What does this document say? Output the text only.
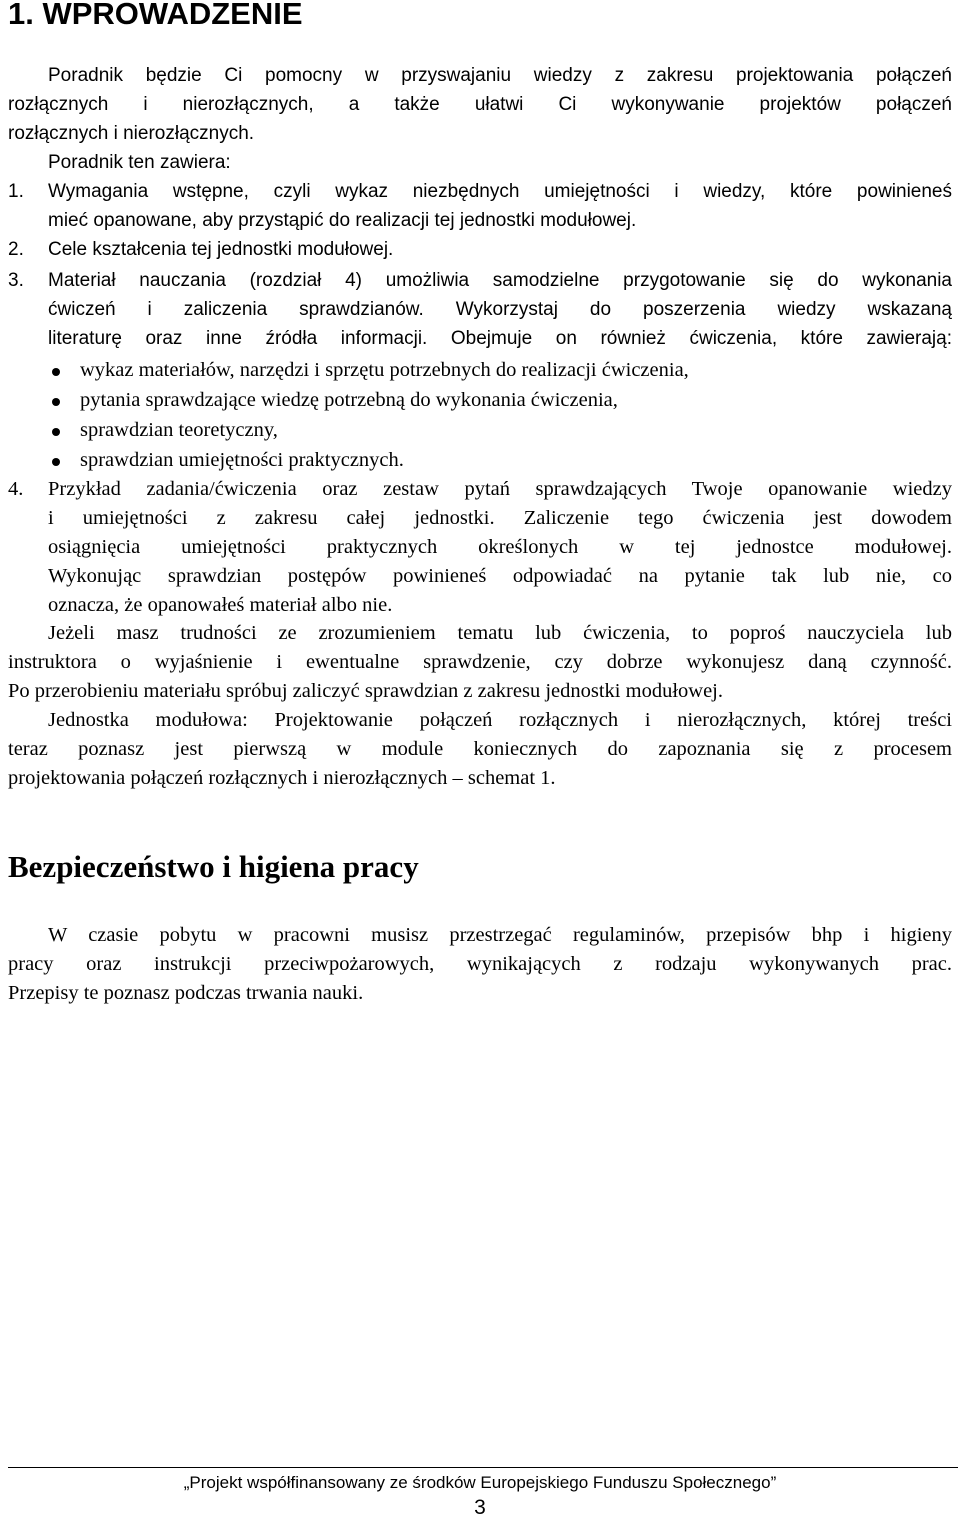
1. WPROWADZENIE

Poradnik będzie Ci pomocny w przyswajaniu wiedzy z zakresu projektowania połączeń

rozłącznych i nierozłącznych, a także ułatwi Ci wykonywanie projektów połączeń

rozłącznych i nierozłącznych.

Poradnik ten zawiera:

1. Wymagania wstępne, czyli wykaz niezbędnych umiejętności i wiedzy, które powinieneś

mieć opanowane, aby przystąpić do realizacji tej jednostki modułowej.

2. Cele kształcenia tej jednostki modułowej.

3. Materiał nauczania (rozdział 4) umożliwia samodzielne przygotowanie się do wykonania

ćwiczeń i zaliczenia sprawdzianów. Wykorzystaj do poszerzenia wiedzy wskazaną

literaturę oraz inne źródła informacji. Obejmuje on również ćwiczenia, które zawierają:

wykaz materiałów, narzędzi i sprzętu potrzebnych do realizacji ćwiczenia,

pytania sprawdzające wiedzę potrzebną do wykonania ćwiczenia,

sprawdzian teoretyczny,

sprawdzian umiejętności praktycznych.

4. Przykład zadania/ćwiczenia oraz zestaw pytań sprawdzających Twoje opanowanie wiedzy

i umiejętności z zakresu całej jednostki. Zaliczenie tego ćwiczenia jest dowodem

osiągnięcia umiejętności praktycznych określonych w tej jednostce modułowej.

Wykonując sprawdzian postępów powinieneś odpowiadać na pytanie tak lub nie, co

oznacza, że opanowałeś materiał albo nie.

Jeżeli masz trudności ze zrozumieniem tematu lub ćwiczenia, to poproś nauczyciela lub

instruktora o wyjaśnienie i ewentualne sprawdzenie, czy dobrze wykonujesz daną czynność.

Po przerobieniu materiału spróbuj zaliczyć sprawdzian z zakresu jednostki modułowej.

Jednostka modułowa: Projektowanie połączeń rozłącznych i nierozłącznych, której treści

teraz poznasz jest pierwszą w module koniecznych do zapoznania się z procesem

projektowania połączeń rozłącznych i nierozłącznych – schemat 1.

Bezpieczeństwo i higiena pracy

W czasie pobytu w pracowni musisz przestrzegać regulaminów, przepisów bhp i higieny

pracy oraz instrukcji przeciwpożarowych, wynikających z rodzaju wykonywanych prac.

Przepisy te poznasz podczas trwania nauki.

„Projekt współfinansowany ze środków Europejskiego Funduszu Społecznego”
3
